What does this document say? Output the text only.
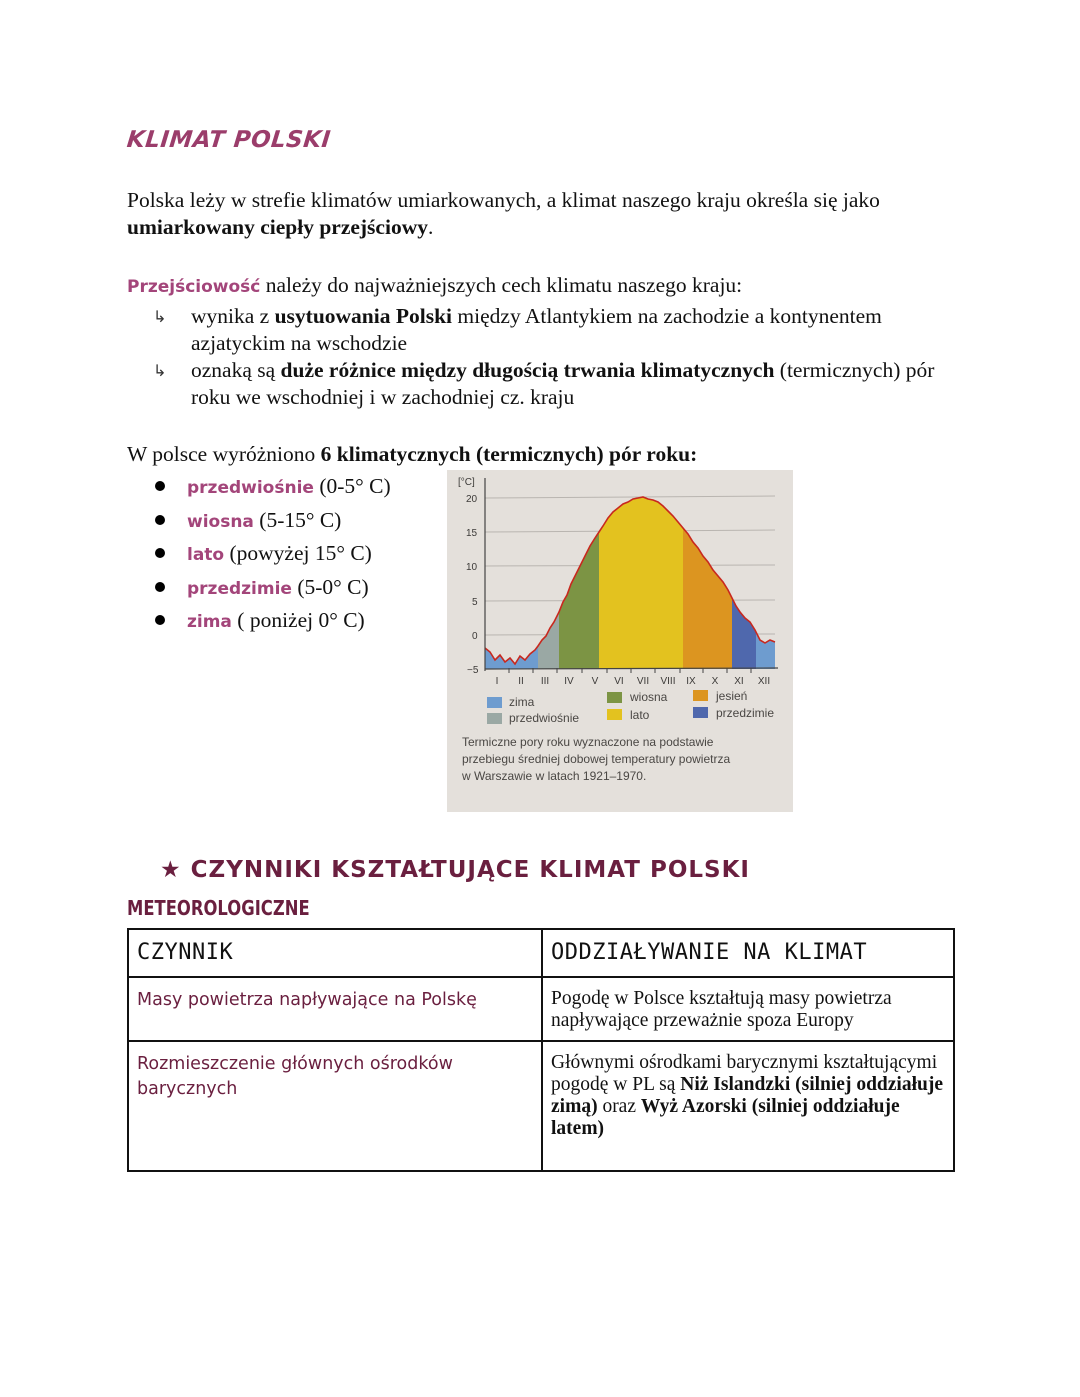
KLIMAT POLSKI
Polska leży w strefie klimatów umiarkowanych, a klimat naszego kraju określa się jako umiarkowany ciepły przejściowy.
Przejściowość należy do najważniejszych cech klimatu naszego kraju:
↳ wynika z usytuowania Polski między Atlantykiem na zachodzie a kontynentem azjatyckim na wschodzie
↳ oznaką są duże różnice między długością trwania klimatycznych (termicznych) pór roku we wschodniej i w zachodniej cz. kraju
W polsce wyróżniono 6 klimatycznych (termicznych) pór roku:
przedwiośnie (0-5° C)
wiosna (5-15° C)
lato (powyżej 15° C)
przedzimie (5-0° C)
zima ( poniżej 0° C)
[°C]
20
15
10
5
0
−5
I II III IV V VI VII VIII IX X XI XII
zima
przedwiośnie
wiosna
lato
jesień
przedzimie
Termiczne pory roku wyznaczone na podstawie
przebiegu średniej dobowej temperatury powietrza
w Warszawie w latach 1921–1970.
★ CZYNNIKI KSZTAŁTUJĄCE KLIMAT POLSKI
METEOROLOGICZNE
CZYNNIK	ODDZIAŁYWANIE NA KLIMAT
Masy powietrza napływające na Polskę	Pogodę w Polsce kształtują masy powietrza napływające przeważnie spoza Europy
Rozmieszczenie głównych ośrodków barycznych	Głównymi ośrodkami barycznymi kształtującymi pogodę w PL są Niż Islandzki (silniej oddziałuje zimą) oraz Wyż Azorski (silniej oddziałuje latem)
